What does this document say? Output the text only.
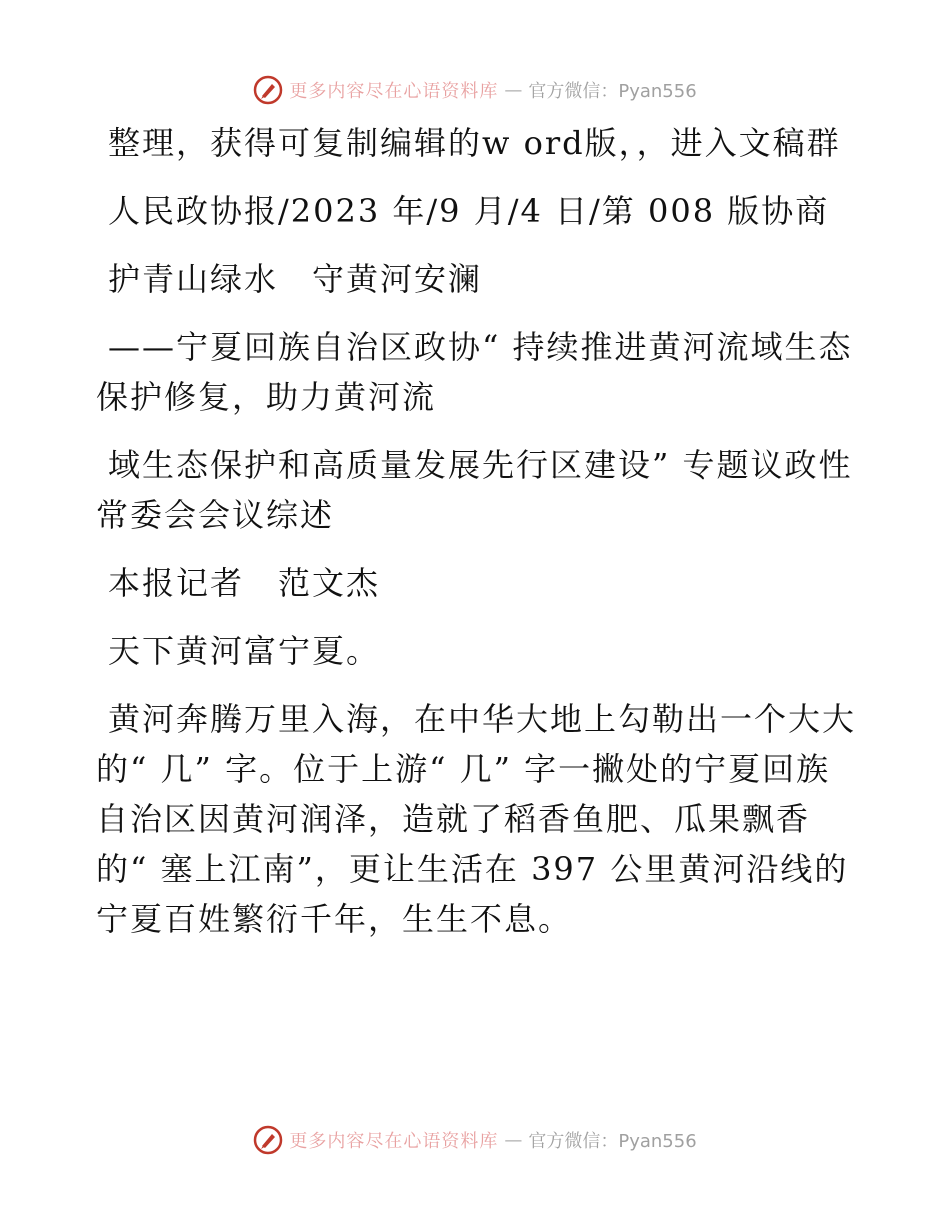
更多内容尽在心语资料库 — 官方微信：Pyan556

整理，获得可复制编辑的w ord版，，进入文稿群

人民政协报/2023 年/9 月/4 日/第 008 版协商

护青山绿水　守黄河安澜

——宁夏回族自治区政协“ 持续推进黄河流域生态保护修复，助力黄河流

域生态保护和高质量发展先行区建设” 专题议政性常委会会议综述

本报记者　范文杰

天下黄河富宁夏。

黄河奔腾万里入海，在中华大地上勾勒出一个大大的“ 几” 字。位于上游“ 几” 字一撇处的宁夏回族自治区因黄河润泽，造就了稻香鱼肥、瓜果飘香的“ 塞上江南”，更让生活在 397 公里黄河沿线的宁夏百姓繁衍千年，生生不息。

更多内容尽在心语资料库 — 官方微信：Pyan556
